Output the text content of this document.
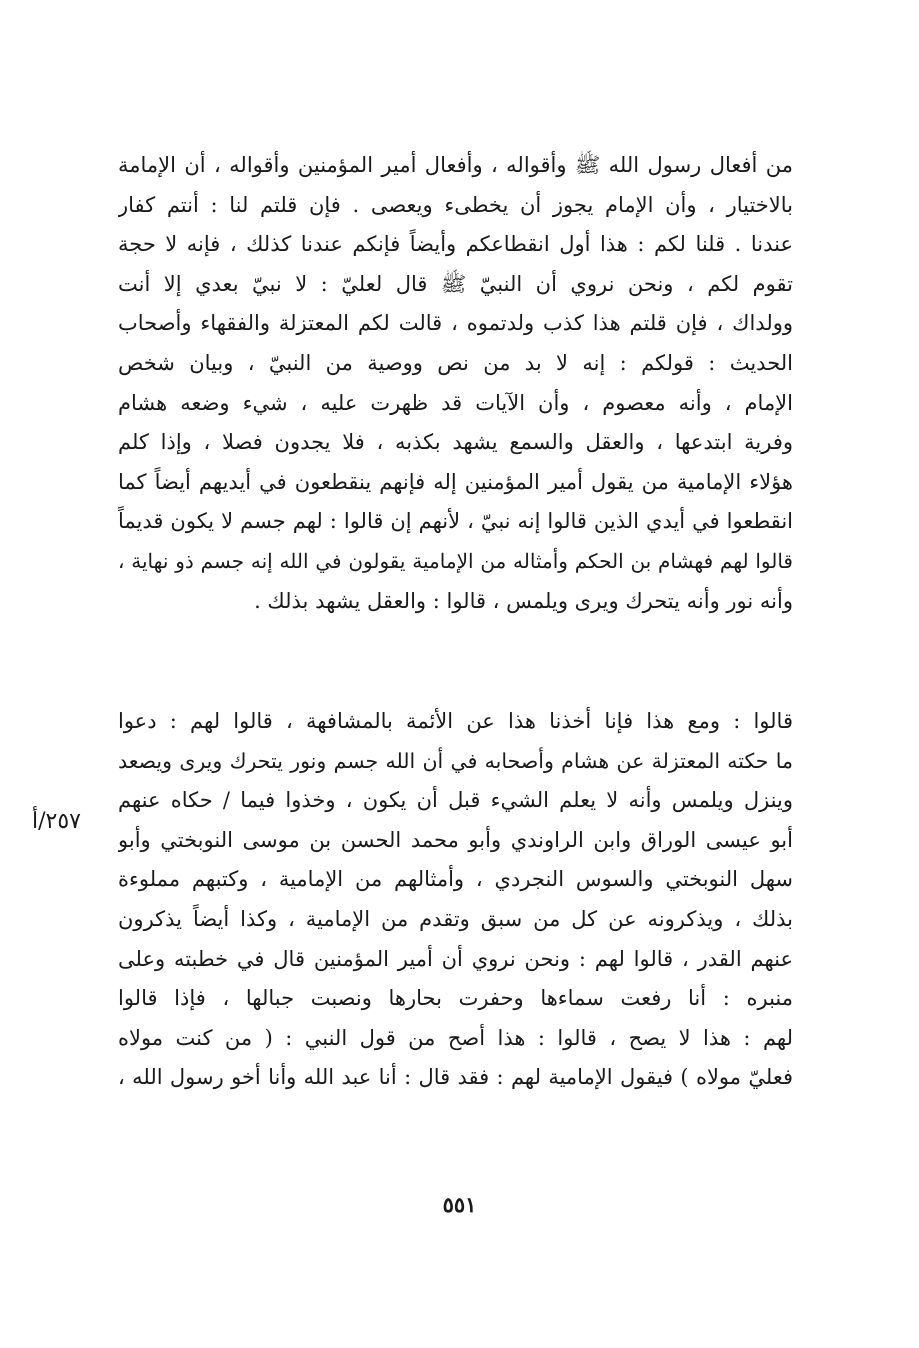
من أفعال رسول الله ﷺ وأقواله ، وأفعال أمير المؤمنين وأقواله ، أن الإمامة
بالاختيار ، وأن الإمام يجوز أن يخطىء ويعصى . فإن قلتم لنا : أنتم كفار
عندنا . قلنا لكم : هذا أول انقطاعكم وأيضاً فإنكم عندنا كذلك ، فإنه لا حجة
تقوم لكم ، ونحن نروي أن النبيّ ﷺ قال لعليّ : لا نبيّ بعدي إلا أنت
وولداك ، فإن قلتم هذا كذب ولدتموه ، قالت لكم المعتزلة والفقهاء وأصحاب
الحديث : قولكم : إنه لا بد من نص ووصية من النبيّ ، وبيان شخص
الإمام ، وأنه معصوم ، وأن الآيات قد ظهرت عليه ، شيء وضعه هشام
وفرية ابتدعها ، والعقل والسمع يشهد بكذبه ، فلا يجدون فصلا ، وإذا كلم
هؤلاء الإمامية من يقول أمير المؤمنين إله فإنهم ينقطعون في أيديهم أيضاً كما
انقطعوا في أيدي الذين قالوا إنه نبيّ ، لأنهم إن قالوا : لهم جسم لا يكون قديماً
قالوا لهم فهشام بن الحكم وأمثاله من الإمامية يقولون في الله إنه جسم ذو نهاية ،
وأنه نور وأنه يتحرك ويرى ويلمس ، قالوا : والعقل يشهد بذلك .
قالوا : ومع هذا فإنا أخذنا هذا عن الأئمة بالمشافهة ، قالوا لهم : دعوا
ما حكته المعتزلة عن هشام وأصحابه في أن الله جسم ونور يتحرك ويرى ويصعد
وينزل ويلمس وأنه لا يعلم الشيء قبل أن يكون ، وخذوا فيما / حكاه عنهم
أبو عيسى الوراق وابن الراوندي وأبو محمد الحسن بن موسى النوبختي وأبو
سهل النوبختي والسوس النجردي ، وأمثالهم من الإمامية ، وكتبهم مملوءة
بذلك ، ويذكرونه عن كل من سبق وتقدم من الإمامية ، وكذا أيضاً يذكرون
عنهم القدر ، قالوا لهم : ونحن نروي أن أمير المؤمنين قال في خطبته وعلى
منبره : أنا رفعت سماءها وحفرت بحارها ونصبت جبالها ، فإذا قالوا
لهم : هذا لا يصح ، قالوا : هذا أصح من قول النبي : ( من كنت مولاه
فعليّ مولاه ) فيقول الإمامية لهم : فقد قال : أنا عبد الله وأنا أخو رسول الله ،
٢٥٧/أ
٥٥١
